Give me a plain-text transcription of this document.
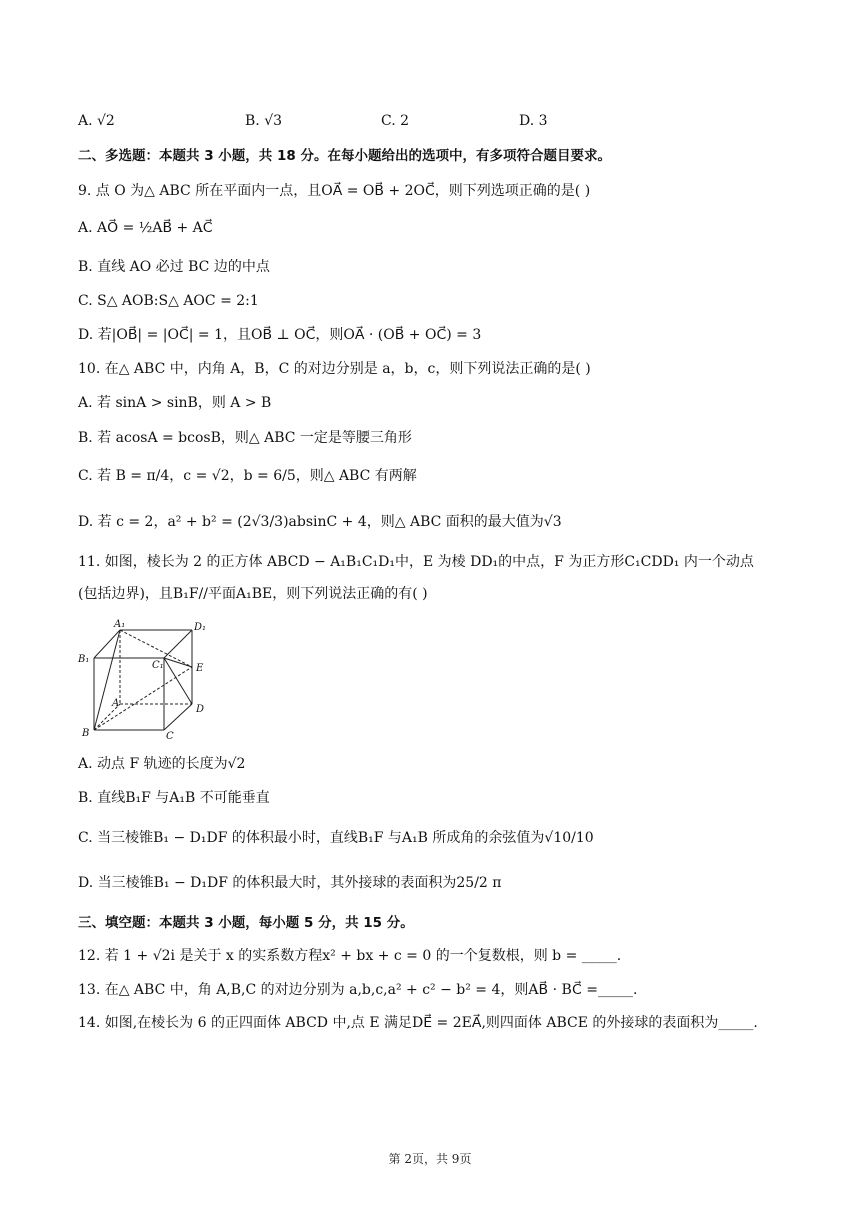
A. √2	B. √3	C. 2	D. 3
二、多选题：本题共 3 小题，共 18 分。在每小题给出的选项中，有多项符合题目要求。
9. 点 O 为△ ABC 所在平面内一点，且OA⃗ = OB⃗ + 2OC⃗，则下列选项正确的是( )
A. AO⃗ = ½AB⃗ + AC⃗
B. 直线 AO 必过 BC 边的中点
C. S△ AOB:S△ AOC = 2:1
D. 若|OB⃗| = |OC⃗| = 1，且OB⃗ ⊥ OC⃗，则OA⃗ · (OB⃗ + OC⃗) = 3
10. 在△ ABC 中，内角 A，B，C 的对边分别是 a，b，c，则下列说法正确的是( )
A. 若 sinA > sinB，则 A > B
B. 若 acosA = bcosB，则△ ABC 一定是等腰三角形
C. 若 B = π/4，c = √2，b = 6/5，则△ ABC 有两解
D. 若 c = 2，a² + b² = (2√3/3)absinC + 4，则△ ABC 面积的最大值为√3
11. 如图，棱长为 2 的正方体 ABCD − A₁B₁C₁D₁中，E 为棱 DD₁的中点，F 为正方形C₁CDD₁ 内一个动点
(包括边界)，且B₁F//平面A₁BE，则下列说法正确的有( )
A₁	D₁
B₁
C₁	E
A
D
B	C
A. 动点 F 轨迹的长度为√2
B. 直线B₁F 与A₁B 不可能垂直
C. 当三棱锥B₁ − D₁DF 的体积最小时，直线B₁F 与A₁B 所成角的余弦值为√10/10
D. 当三棱锥B₁ − D₁DF 的体积最大时，其外接球的表面积为25/2 π
三、填空题：本题共 3 小题，每小题 5 分，共 15 分。
12. 若 1 + √2i 是关于 x 的实系数方程x² + bx + c = 0 的一个复数根，则 b = _____.
13. 在△ ABC 中，角 A,B,C 的对边分别为 a,b,c,a² + c² − b² = 4，则AB⃗ · BC⃗ =_____.
14. 如图,在棱长为 6 的正四面体 ABCD 中,点 E 满足DE⃗ = 2EA⃗,则四面体 ABCE 的外接球的表面积为_____.
第 2页，共 9页
